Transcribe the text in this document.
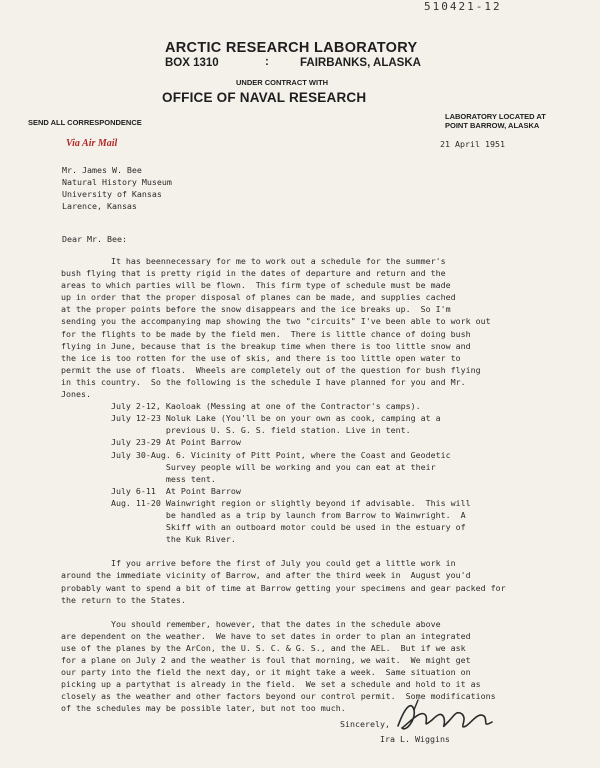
510421-12
ARCTIC RESEARCH LABORATORY
BOX 1310	:	FAIRBANKS, ALASKA
UNDER CONTRACT WITH
OFFICE OF NAVAL RESEARCH
SEND ALL CORRESPONDENCE
LABORATORY LOCATED AT
POINT BARROW, ALASKA
Via Air Mail	21 April 1951
Mr. James W. Bee
Natural History Museum
University of Kansas
Larence, Kansas
Dear Mr. Bee:
It has beennecessary for me to work out a schedule for the summer's
bush flying that is pretty rigid in the dates of departure and return and the
areas to which parties will be flown.  This firm type of schedule must be made
up in order that the proper disposal of planes can be made, and supplies cached
at the proper points before the snow disappears and the ice breaks up.  So I'm
sending you the accompanying map showing the two "circuits" I've been able to work out
for the flights to be made by the field men.  There is little chance of doing bush
flying in June, because that is the breakup time when there is too little snow and
the ice is too rotten for the use of skis, and there is too little open water to
permit the use of floats.  Wheels are completely out of the question for bush flying
in this country.  So the following is the schedule I have planned for you and Mr.
Jones.
July 2-12, Kaoloak (Messing at one of the Contractor's camps).
July 12-23 Noluk Lake (You'll be on your own as cook, camping at a
previous U. S. G. S. field station. Live in tent.
July 23-29 At Point Barrow
July 30-Aug. 6. Vicinity of Pitt Point, where the Coast and Geodetic
Survey people will be working and you can eat at their
mess tent.
July 6-11  At Point Barrow
Aug. 11-20 Wainwright region or slightly beyond if advisable.  This will
be handled as a trip by launch from Barrow to Wainwright.  A
Skiff with an outboard motor could be used in the estuary of
the Kuk River.
If you arrive before the first of July you could get a little work in
around the immediate vicinity of Barrow, and after the third week in  August you'd
probably want to spend a bit of time at Barrow getting your specimens and gear packed for
the return to the States.
You should remember, however, that the dates in the schedule above
are dependent on the weather.  We have to set dates in order to plan an integrated
use of the planes by the ArCon, the U. S. C. & G. S., and the AEL.  But if we ask
for a plane on July 2 and the weather is foul that morning, we wait.  We might get
our party into the field the next day, or it might take a week.  Same situation on
picking up a partythat is already in the field.  We set a schedule and hold to it as
closely as the weather and other factors beyond our control permit.  Some modifications
of the schedules may be possible later, but not too much.
Sincerely,
Ira L. Wiggins
